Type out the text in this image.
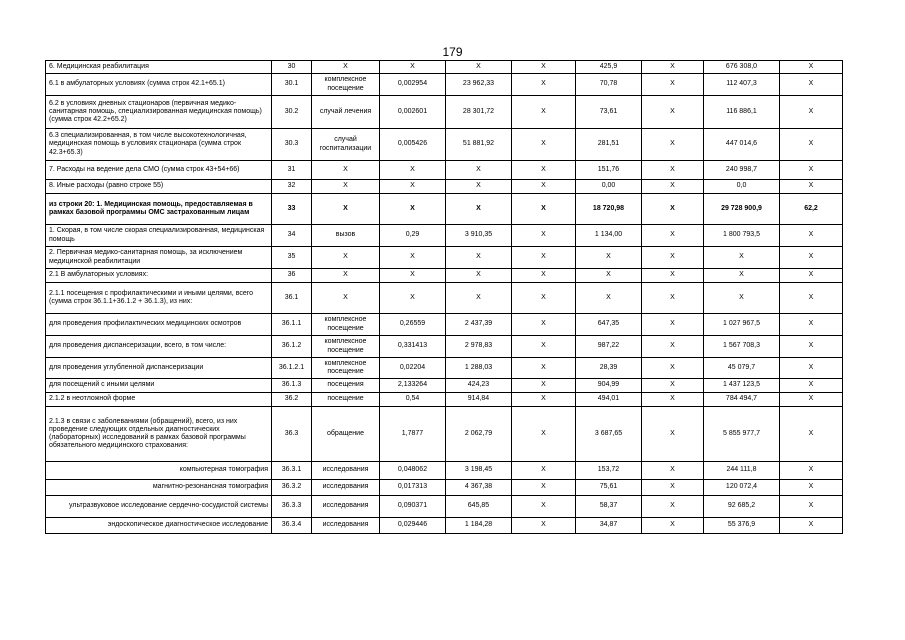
179
6. Медицинская реабилитация	30	Х	Х	Х	Х	425,9	Х	676 308,0	Х
6.1 в амбулаторных условиях (сумма строк 42.1+65.1)	30.1	комплексное посещение	0,002954	23 962,33	Х	70,78	Х	112 407,3	Х
6.2 в условиях дневных стационаров (первичная медико-санитарная помощь, специализированная медицинская помощь) (сумма строк 42.2+65.2)	30.2	случай лечения	0,002601	28 301,72	Х	73,61	Х	116 886,1	Х
6.3 специализированная, в том числе высокотехнологичная, медицинская помощь в условиях стационара (сумма строк 42.3+65.3)	30.3	случай госпитализации	0,005426	51 881,92	Х	281,51	Х	447 014,6	Х
7. Расходы на ведение дела СМО (сумма строк 43+54+66)	31	Х	Х	Х	Х	151,76	Х	240 998,7	Х
8. Иные расходы (равно строке 55)	32	Х	Х	Х	Х	0,00	Х	0,0	Х
из строки 20: 1. Медицинская помощь, предоставляемая в рамках базовой программы ОМС застрахованным лицам	33	Х	Х	Х	Х	18 720,98	Х	29 728 900,9	62,2
1. Скорая, в том числе скорая специализированная, медицинская помощь	34	вызов	0,29	3 910,35	Х	1 134,00	Х	1 800 793,5	Х
2. Первичная медико-санитарная помощь, за исключением медицинской реабилитации	35	Х	Х	Х	Х	Х	Х	Х	Х
2.1 В амбулаторных условиях:	36	Х	Х	Х	Х	Х	Х	Х	Х
2.1.1 посещения с профилактическими и иными целями, всего (сумма строк 36.1.1+36.1.2 + 36.1.3), из них:	36.1	Х	Х	Х	Х	Х	Х	Х	Х
для проведения профилактических медицинских осмотров	36.1.1	комплексное посещение	0,26559	2 437,39	Х	647,35	Х	1 027 967,5	Х
для проведения диспансеризации, всего, в том числе:	36.1.2	комплексное посещение	0,331413	2 978,83	Х	987,22	Х	1 567 708,3	Х
для проведения углубленной диспансеризации	36.1.2.1	комплексное посещение	0,02204	1 288,03	Х	28,39	Х	45 079,7	Х
для посещений с иными целями	36.1.3	посещения	2,133264	424,23	Х	904,99	Х	1 437 123,5	Х
2.1.2 в неотложной форме	36.2	посещение	0,54	914,84	Х	494,01	Х	784 494,7	Х
2.1.3 в связи с заболеваниями (обращений), всего, из них проведение следующих отдельных диагностических (лабораторных) исследований в рамках базовой программы обязательного медицинского страхования:	36.3	обращение	1,7877	2 062,79	Х	3 687,65	Х	5 855 977,7	Х
компьютерная томография	36.3.1	исследования	0,048062	3 198,45	Х	153,72	Х	244 111,8	Х
магнитно-резонансная томография	36.3.2	исследования	0,017313	4 367,38	Х	75,61	Х	120 072,4	Х
ультразвуковое исследование сердечно-сосудистой системы	36.3.3	исследования	0,090371	645,85	Х	58,37	Х	92 685,2	Х
эндоскопическое диагностическое исследование	36.3.4	исследования	0,029446	1 184,28	Х	34,87	Х	55 376,9	Х
